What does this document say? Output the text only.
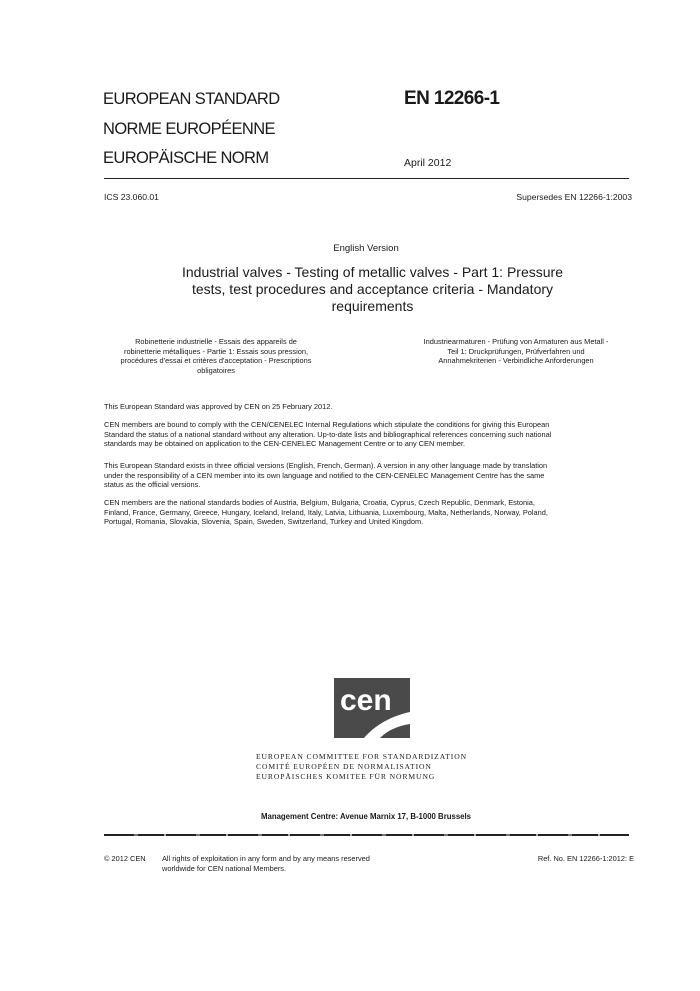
EUROPEAN STANDARD
NORME EUROPÉENNE
EUROPÄISCHE NORM
EN 12266-1
April 2012
ICS 23.060.01	Supersedes EN 12266-1:2003
English Version
Industrial valves - Testing of metallic valves - Part 1: Pressure
tests, test procedures and acceptance criteria - Mandatory
requirements
Robinetterie industrielle - Essais des appareils de
robinetterie métalliques - Partie 1: Essais sous pression,
procédures d'essai et critères d'acceptation - Prescriptions
obligatoires
Industriearmaturen - Prüfung von Armaturen aus Metall -
Teil 1: Druckprüfungen, Prüfverfahren und
Annahmekriterien - Verbindliche Anforderungen
This European Standard was approved by CEN on 25 February 2012.
CEN members are bound to comply with the CEN/CENELEC Internal Regulations which stipulate the conditions for giving this European
Standard the status of a national standard without any alteration. Up-to-date lists and bibliographical references concerning such national
standards may be obtained on application to the CEN-CENELEC Management Centre or to any CEN member.
This European Standard exists in three official versions (English, French, German). A version in any other language made by translation
under the responsibility of a CEN member into its own language and notified to the CEN-CENELEC Management Centre has the same
status as the official versions.
CEN members are the national standards bodies of Austria, Belgium, Bulgaria, Croatia, Cyprus, Czech Republic, Denmark, Estonia,
Finland, France, Germany, Greece, Hungary, Iceland, Ireland, Italy, Latvia, Lithuania, Luxembourg, Malta, Netherlands, Norway, Poland,
Portugal, Romania, Slovakia, Slovenia, Spain, Sweden, Switzerland, Turkey and United Kingdom.
cen
EUROPEAN COMMITTEE FOR STANDARDIZATION
COMITÉ EUROPÉEN DE NORMALISATION
EUROPÄISCHES KOMITEE FÜR NORMUNG
Management Centre: Avenue Marnix 17, B-1000 Brussels
© 2012 CEN All rights of exploitation in any form and by any means reserved
worldwide for CEN national Members.
Ref. No. EN 12266-1:2012: E
